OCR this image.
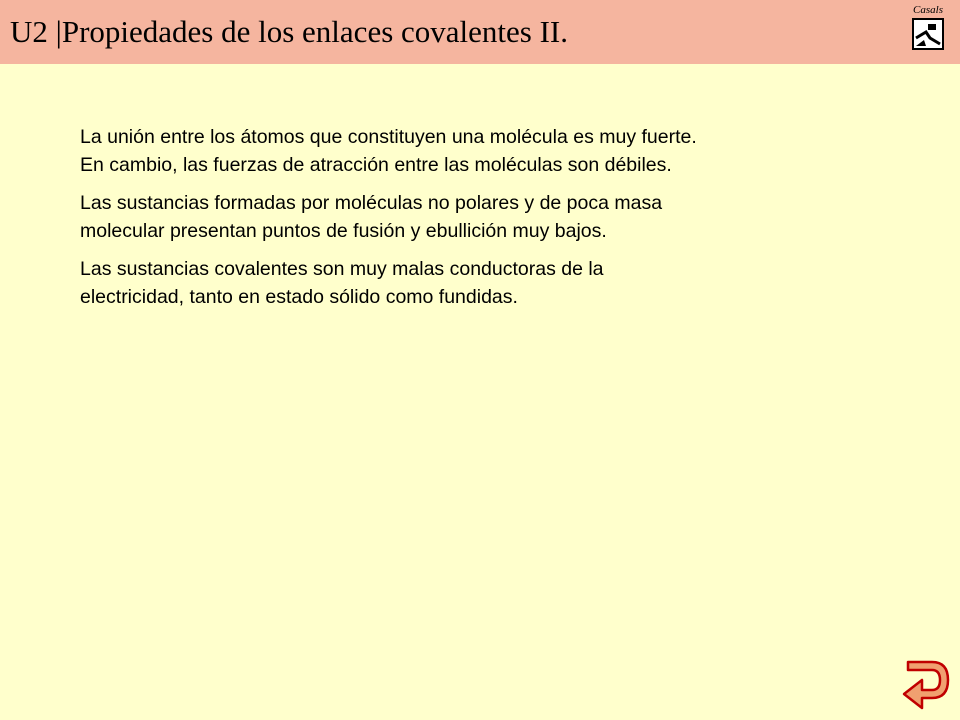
U2 |Propiedades de los enlaces covalentes II.
Casals

La unión entre los átomos que constituyen una molécula es muy fuerte.
En cambio, las fuerzas de atracción entre las moléculas son débiles.

Las sustancias formadas por moléculas no polares y de poca masa
molecular presentan puntos de fusión y ebullición muy bajos.

Las sustancias covalentes son muy malas conductoras de la
electricidad, tanto en estado sólido como fundidas.
